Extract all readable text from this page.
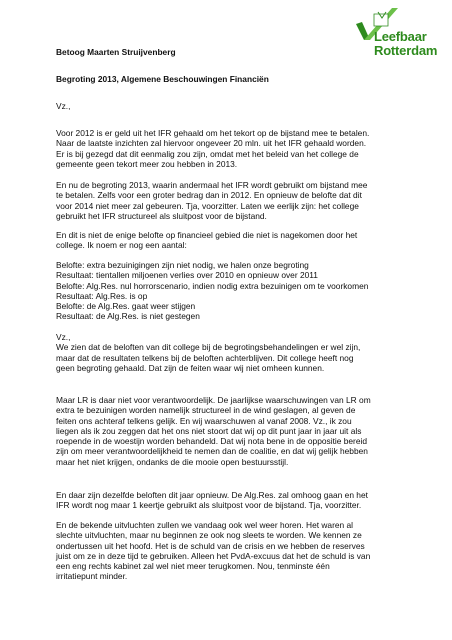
Leefbaar
Rotterdam

Betoog Maarten Struijvenberg

Begroting 2013, Algemene Beschouwingen Financiën

Vz.,

Voor 2012 is er geld uit het IFR gehaald om het tekort op de bijstand mee te betalen.
Naar de laatste inzichten zal hiervoor ongeveer 20 mln. uit het IFR gehaald worden.
Er is bij gezegd dat dit eenmalig zou zijn, omdat met het beleid van het college de
gemeente geen tekort meer zou hebben in 2013.

En nu de begroting 2013, waarin andermaal het IFR wordt gebruikt om bijstand mee
te betalen. Zelfs voor een groter bedrag dan in 2012. En opnieuw de belofte dat dit
voor 2014 niet meer zal gebeuren. Tja, voorzitter. Laten we eerlijk zijn: het college
gebruikt het IFR structureel als sluitpost voor de bijstand.

En dit is niet de enige belofte op financieel gebied die niet is nagekomen door het
college. Ik noem er nog een aantal:

Belofte: extra bezuinigingen zijn niet nodig, we halen onze begroting
Resultaat: tientallen miljoenen verlies over 2010 en opnieuw over 2011
Belofte: Alg.Res. nul horrorscenario, indien nodig extra bezuinigen om te voorkomen
Resultaat: Alg.Res. is op
Belofte: de Alg.Res. gaat weer stijgen
Resultaat: de Alg.Res. is niet gestegen

Vz.,
We zien dat de beloften van dit college bij de begrotingsbehandelingen er wel zijn,
maar dat de resultaten telkens bij de beloften achterblijven. Dit college heeft nog
geen begroting gehaald. Dat zijn de feiten waar wij niet omheen kunnen.

Maar LR is daar niet voor verantwoordelijk. De jaarlijkse waarschuwingen van LR om
extra te bezuinigen worden namelijk structureel in de wind geslagen, al geven de
feiten ons achteraf telkens gelijk. En wij waarschuwen al vanaf 2008. Vz., ik zou
liegen als ik zou zeggen dat het ons niet stoort dat wij op dit punt jaar in jaar uit als
roepende in de woestijn worden behandeld. Dat wij nota bene in de oppositie bereid
zijn om meer verantwoordelijkheid te nemen dan de coalitie, en dat wij gelijk hebben
maar het niet krijgen, ondanks de die mooie open bestuursstijl.

En daar zijn dezelfde beloften dit jaar opnieuw. De Alg.Res. zal omhoog gaan en het
IFR wordt nog maar 1 keertje gebruikt als sluitpost voor de bijstand. Tja, voorzitter.

En de bekende uitvluchten zullen we vandaag ook wel weer horen. Het waren al
slechte uitvluchten, maar nu beginnen ze ook nog sleets te worden. We kennen ze
ondertussen uit het hoofd. Het is de schuld van de crisis en we hebben de reserves
juist om ze in deze tijd te gebruiken. Alleen het PvdA-excuus dat het de schuld is van
een eng rechts kabinet zal wel niet meer terugkomen. Nou, tenminste één
irritatiepunt minder.
